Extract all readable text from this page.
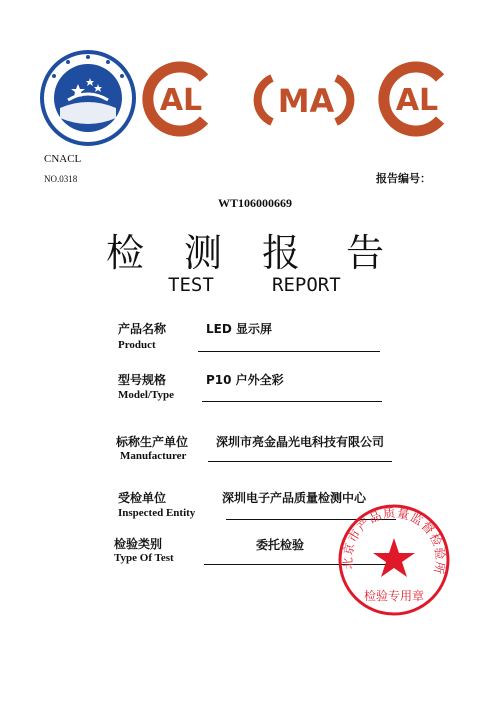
AL MA AL
CNACL
NO.0318	报告编号：
WT106000669
检 测 报 告
TEST	REPORT
产品名称
Product
LED 显示屏
型号规格
Model/Type
P10 户外全彩
标称生产单位
Manufacturer
深圳市亮金晶光电科技有限公司
受检单位
Inspected Entity
深圳电子产品质量检测中心
检验类别
Type Of Test
委托检验
北京市产品质量监督检验所
检验专用章
